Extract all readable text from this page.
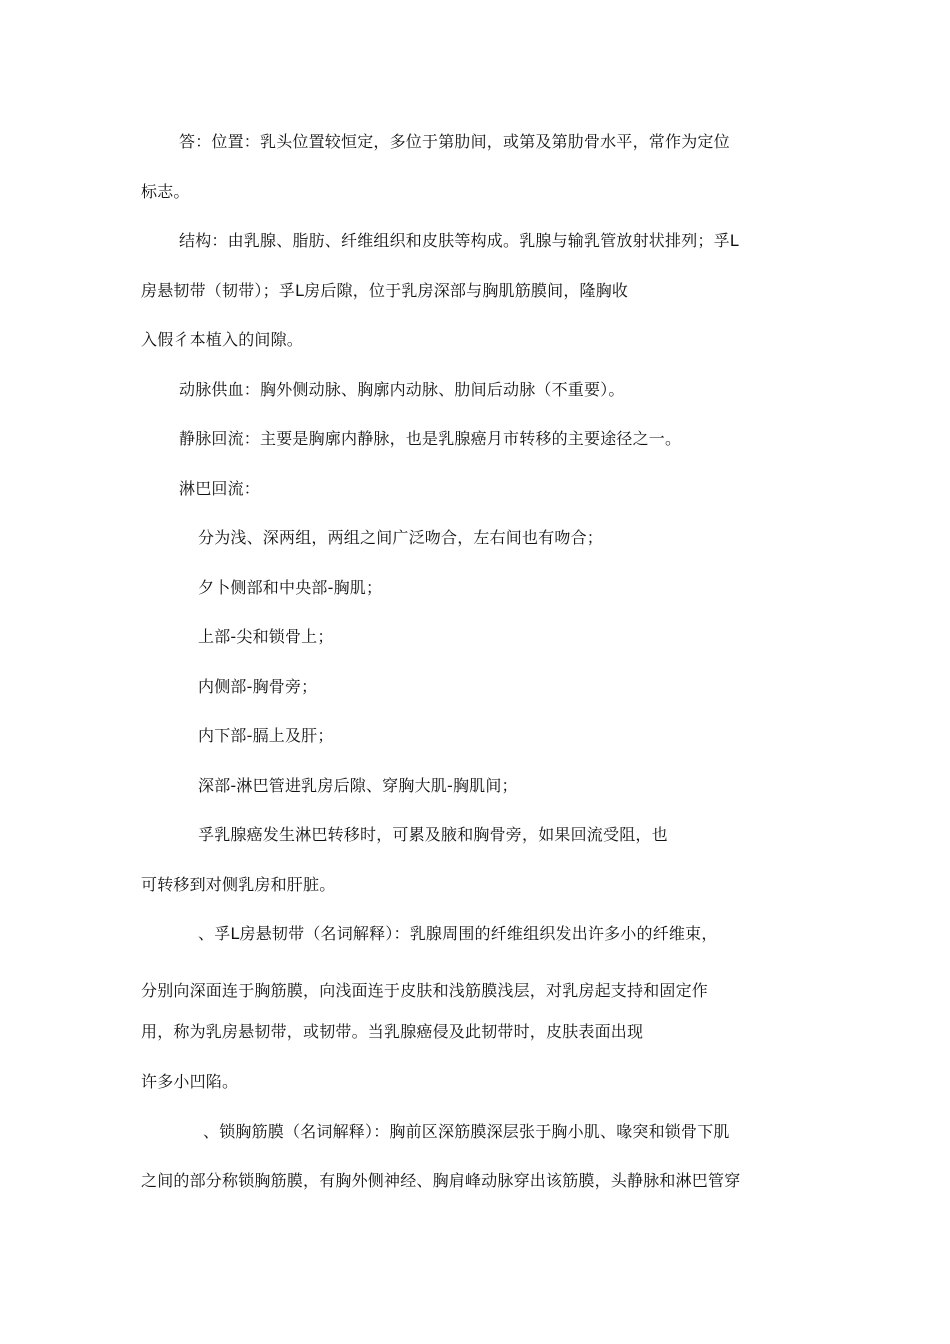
答：位置：乳头位置较恒定，多位于第肋间，或第及第肋骨水平，常作为定位
标志。
结构：由乳腺、脂肪、纤维组织和皮肤等构成。乳腺与输乳管放射状排列；孚L
房悬韧带（韧带）；孚L房后隙，位于乳房深部与胸肌筋膜间，隆胸收
入假彳本植入的间隙。
动脉供血：胸外侧动脉、胸廓内动脉、肋间后动脉（不重要）。
静脉回流：主要是胸廓内静脉，也是乳腺癌月市转移的主要途径之一。
淋巴回流：
分为浅、深两组，两组之间广泛吻合，左右间也有吻合；
夕卜侧部和中央部-胸肌；
上部-尖和锁骨上；
内侧部-胸骨旁；
内下部-膈上及肝；
深部-淋巴管进乳房后隙、穿胸大肌-胸肌间；
孚乳腺癌发生淋巴转移时，可累及腋和胸骨旁，如果回流受阻，也
可转移到对侧乳房和肝脏。
、孚L房悬韧带（名词解释）：乳腺周围的纤维组织发出许多小的纤维束，
分别向深面连于胸筋膜，向浅面连于皮肤和浅筋膜浅层，对乳房起支持和固定作
用，称为乳房悬韧带，或韧带。当乳腺癌侵及此韧带时，皮肤表面出现
许多小凹陷。
、锁胸筋膜（名词解释）：胸前区深筋膜深层张于胸小肌、喙突和锁骨下肌
之间的部分称锁胸筋膜，有胸外侧神经、胸肩峰动脉穿出该筋膜，头静脉和淋巴管穿
